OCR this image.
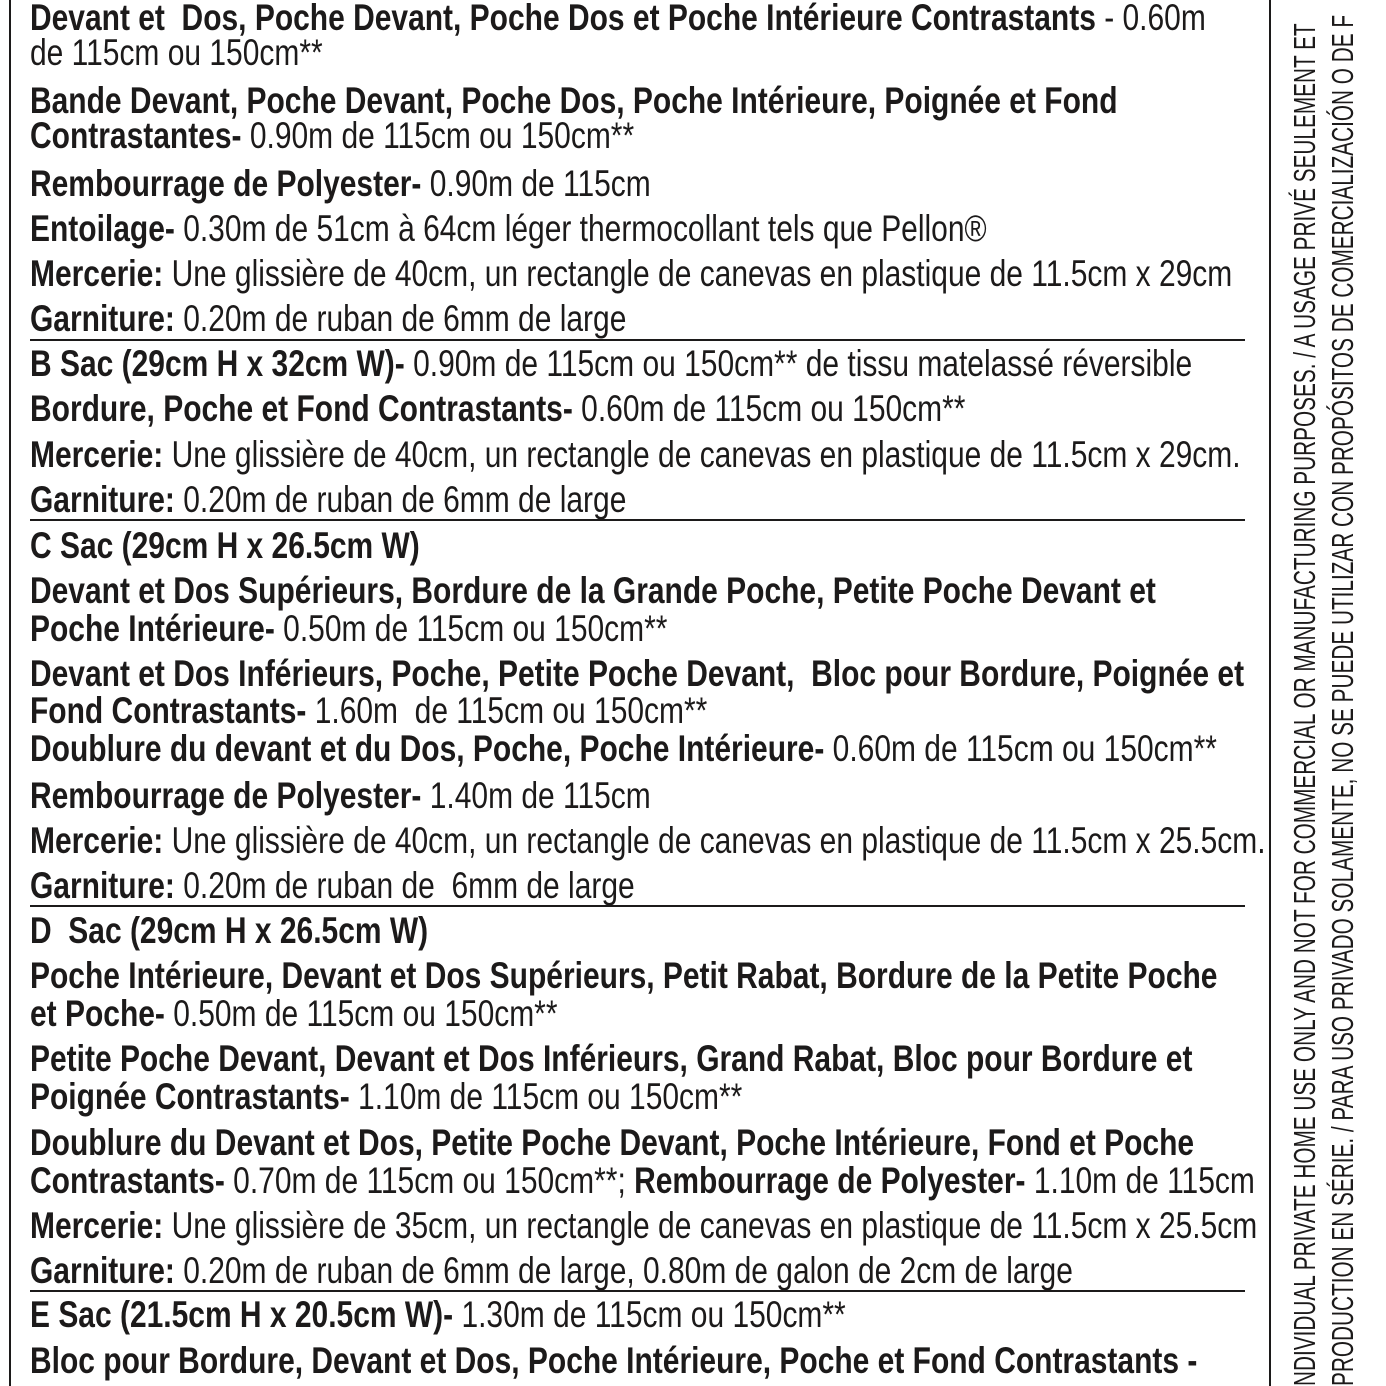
Devant et  Dos, Poche Devant, Poche Dos et Poche Intérieure Contrastants - 0.60m
de 115cm ou 150cm**
Bande Devant, Poche Devant, Poche Dos, Poche Intérieure, Poignée et Fond
Contrastantes- 0.90m de 115cm ou 150cm**
Rembourrage de Polyester- 0.90m de 115cm
Entoilage- 0.30m de 51cm à 64cm léger thermocollant tels que Pellon®
Mercerie: Une glissière de 40cm, un rectangle de canevas en plastique de 11.5cm x 29cm
Garniture: 0.20m de ruban de 6mm de large
B Sac (29cm H x 32cm W)- 0.90m de 115cm ou 150cm** de tissu matelassé réversible
Bordure, Poche et Fond Contrastants- 0.60m de 115cm ou 150cm**
Mercerie: Une glissière de 40cm, un rectangle de canevas en plastique de 11.5cm x 29cm.
Garniture: 0.20m de ruban de 6mm de large
C Sac (29cm H x 26.5cm W)
Devant et Dos Supérieurs, Bordure de la Grande Poche, Petite Poche Devant et
Poche Intérieure- 0.50m de 115cm ou 150cm**
Devant et Dos Inférieurs, Poche, Petite Poche Devant,  Bloc pour Bordure, Poignée et
Fond Contrastants- 1.60m  de 115cm ou 150cm**
Doublure du devant et du Dos, Poche, Poche Intérieure- 0.60m de 115cm ou 150cm**
Rembourrage de Polyester- 1.40m de 115cm
Mercerie: Une glissière de 40cm, un rectangle de canevas en plastique de 11.5cm x 25.5cm.
Garniture: 0.20m de ruban de  6mm de large
D  Sac (29cm H x 26.5cm W)
Poche Intérieure, Devant et Dos Supérieurs, Petit Rabat, Bordure de la Petite Poche
et Poche- 0.50m de 115cm ou 150cm**
Petite Poche Devant, Devant et Dos Inférieurs, Grand Rabat, Bloc pour Bordure et
Poignée Contrastants- 1.10m de 115cm ou 150cm**
Doublure du Devant et Dos, Petite Poche Devant, Poche Intérieure, Fond et Poche
Contrastants- 0.70m de 115cm ou 150cm**; Rembourrage de Polyester- 1.10m de 115cm
Mercerie: Une glissière de 35cm, un rectangle de canevas en plastique de 11.5cm x 25.5cm
Garniture: 0.20m de ruban de 6mm de large, 0.80m de galon de 2cm de large
E Sac (21.5cm H x 20.5cm W)- 1.30m de 115cm ou 150cm**
Bloc pour Bordure, Devant et Dos, Poche Intérieure, Poche et Fond Contrastants -	NDIVIDUAL PRIVATE HOME USE ONLY AND NOT FOR COMMERCIAL OR MANUFACTURING PURPOSES. / A USAGE PRIVÉ SEULEMENT ET PRODUCTION EN SÉRIE. / PARA USO PRIVADO SOLAMENTE, NO SE PUEDE UTILIZAR CON PROPÓSITOS DE COMERCIALIZACIÓN O DE F
